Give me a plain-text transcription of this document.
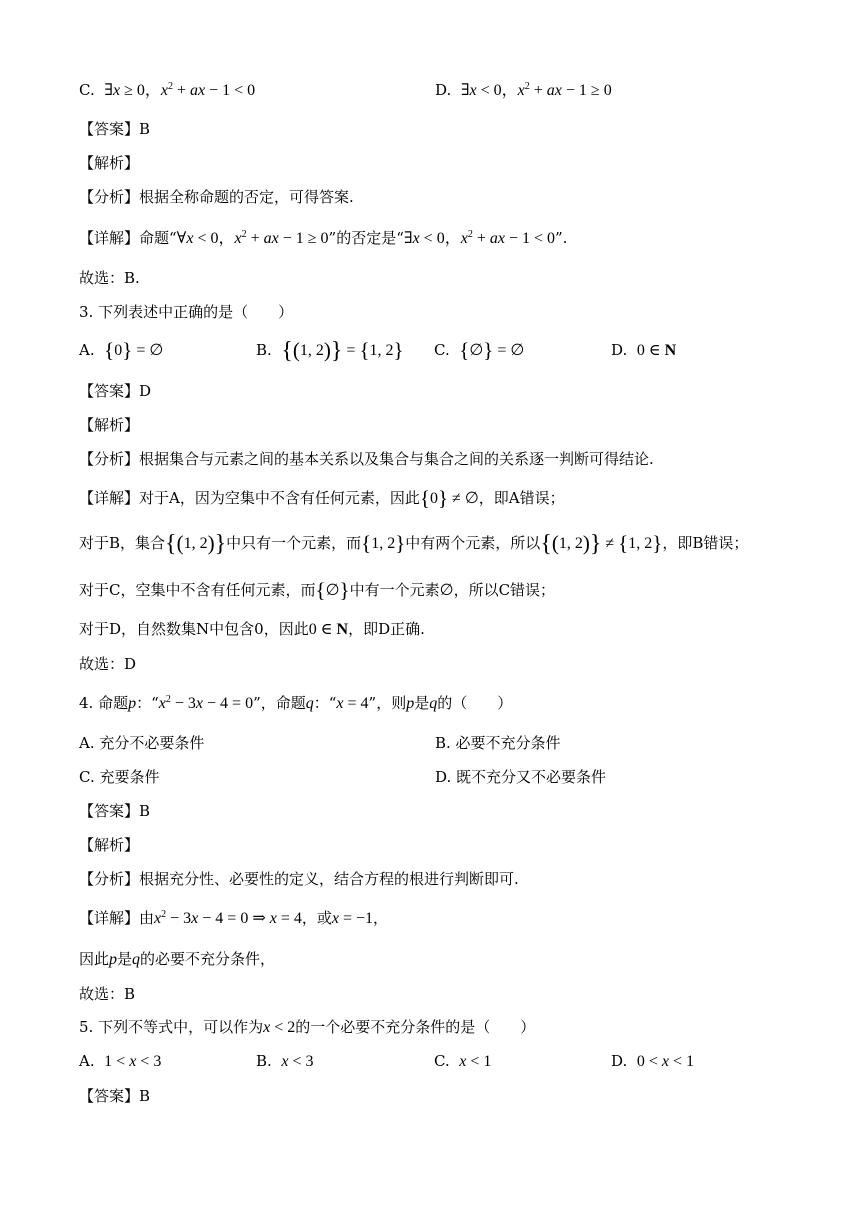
C. ∃x ≥ 0，$x^2$ + ax − 1 < 0	D. ∃x < 0，$x^2$ + ax − 1 ≥ 0
【答案】B
【解析】
【分析】根据全称命题的否定，可得答案.
【详解】命题“∀x < 0，$x^2$ + ax − 1 ≥ 0”的否定是“∃x < 0，$x^2$ + ax − 1 < 0”.
故选：B.
3. 下列表述中正确的是（　　）
A. {0} = ∅	B. {(1, 2)} = {1, 2} C. {∅} = ∅	D. 0 ∈ N
【答案】D
【解析】
【分析】根据集合与元素之间的基本关系以及集合与集合之间的关系逐一判断可得结论.
【详解】对于A，因为空集中不含有任何元素，因此{0} ≠ ∅，即A错误；
对于B，集合{(1, 2)}中只有一个元素，而{1, 2}中有两个元素，所以{(1, 2)} ≠ {1, 2}，即B错误；
对于C，空集中不含有任何元素，而{∅}中有一个元素∅，所以C错误；
对于D，自然数集N中包含0，因此0 ∈ N，即D正确.
故选：D
4. 命题p：“$x^2 - 3x - 4 = 0$”，命题q：“x = 4”，则p是q的（　　）
A. 充分不必要条件	B. 必要不充分条件
C. 充要条件	D. 既不充分又不必要条件
【答案】B
【解析】
【分析】根据充分性、必要性的定义，结合方程的根进行判断即可.
【详解】由$x^2 - 3x - 4 = 0$ ⇒ x = 4，或x = −1，
因此p是q的必要不充分条件，
故选：B
5. 下列不等式中，可以作为x < 2的一个必要不充分条件的是（　　）
A. 1 < x < 3	B. x < 3	C. x < 1	D. 0 < x < 1
【答案】B
